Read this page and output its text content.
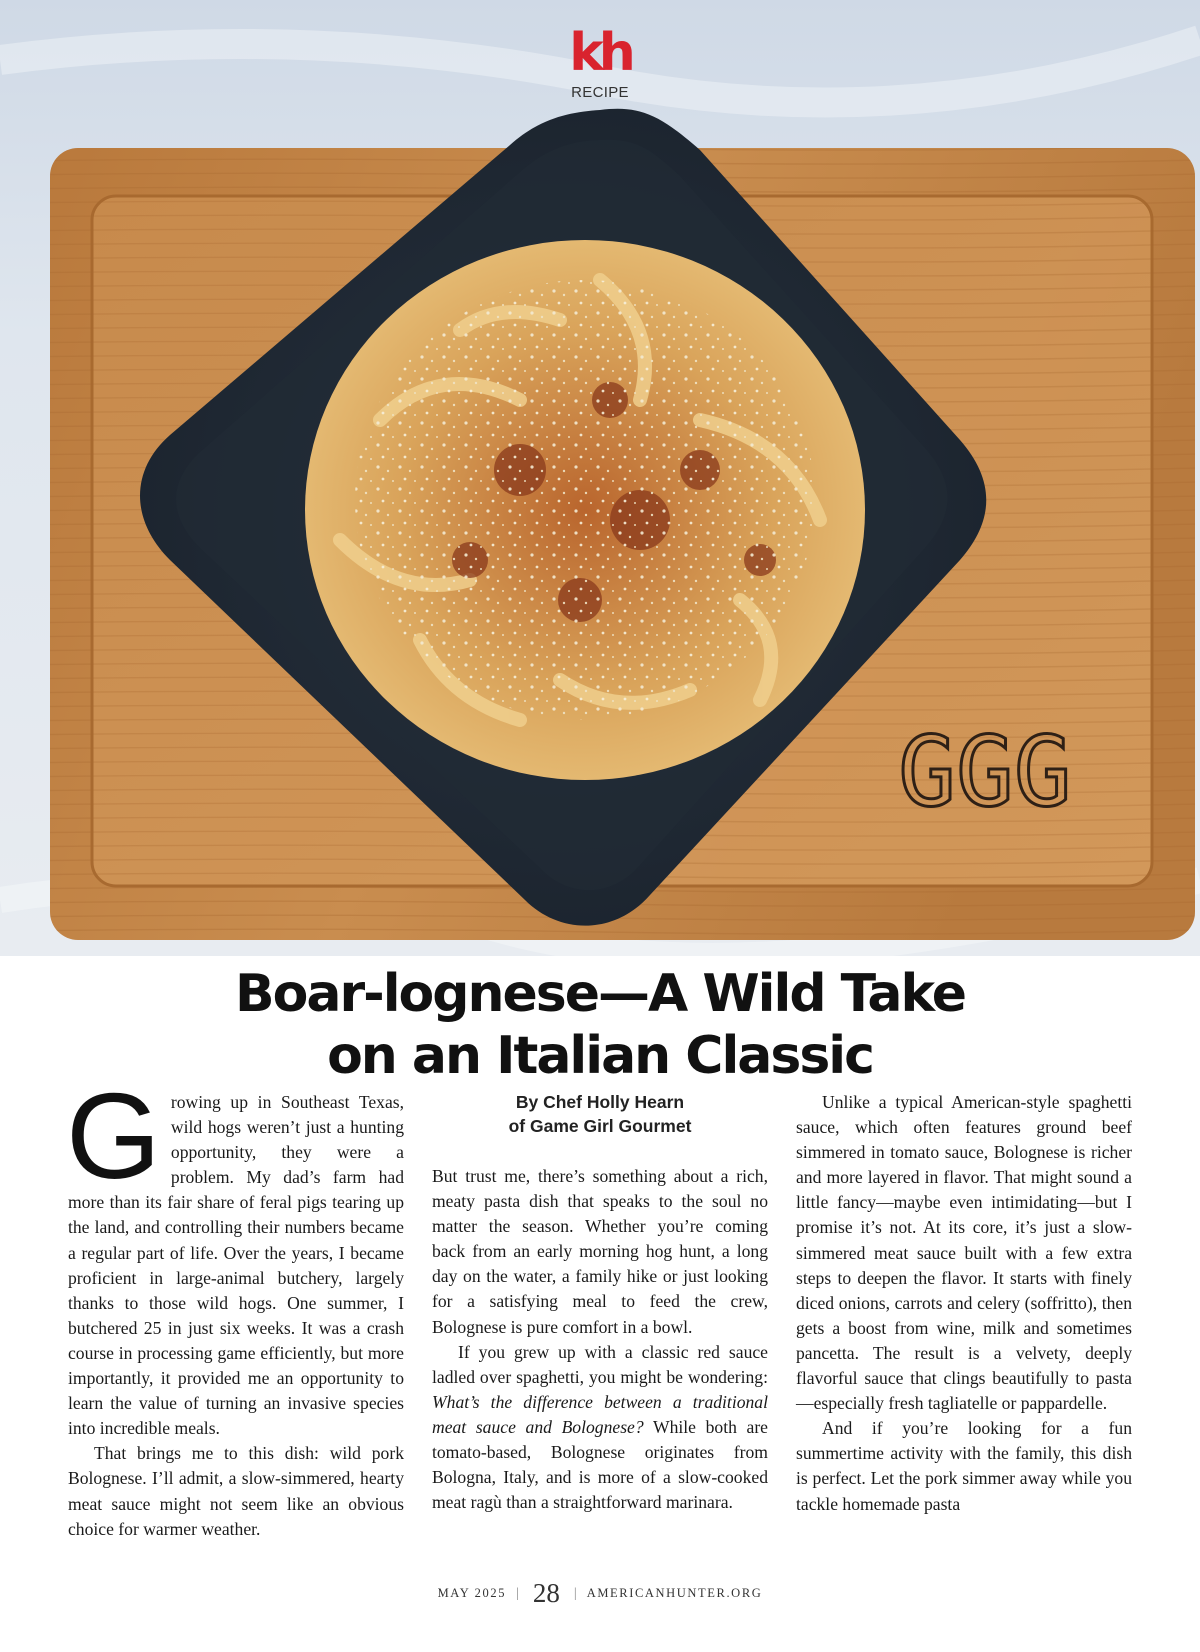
GGG
kh
RECIPE
Boar-lognese—A Wild Take
on an Italian Classic

Growing up in Southeast Texas, wild hogs weren’t just a hunting opportunity, they were a problem. My dad’s farm had more than its fair share of feral pigs tearing up the land, and controlling their numbers became a regular part of life. Over the years, I became proficient in large-animal butchery, largely thanks to those wild hogs. One summer, I butchered 25 in just six weeks. It was a crash course in processing game efficiently, but more importantly, it provided me an opportunity to learn the value of turning an invasive species into incredible meals.

That brings me to this dish: wild pork Bolognese. I’ll admit, a slow-simmered, hearty meat sauce might not seem like an obvious choice for warmer weather.

By Chef Holly Hearn
of Game Girl Gourmet

But trust me, there’s something about a rich, meaty pasta dish that speaks to the soul no matter the season. Whether you’re coming back from an early morning hog hunt, a long day on the water, a family hike or just looking for a satisfying meal to feed the crew, Bolognese is pure comfort in a bowl.

If you grew up with a classic red sauce ladled over spaghetti, you might be wondering: What’s the difference between a traditional meat sauce and Bolognese? While both are tomato-based, Bolognese originates from Bologna, Italy, and is more of a slow-cooked meat ragù than a straightforward marinara.

Unlike a typical American-style spaghetti sauce, which often features ground beef simmered in tomato sauce, Bolognese is richer and more layered in flavor. That might sound a little fancy—maybe even intimidating—but I promise it’s not. At its core, it’s just a slow-simmered meat sauce built with a few extra steps to deepen the flavor. It starts with finely diced onions, carrots and celery (soffritto), then gets a boost from wine, milk and sometimes pancetta. The result is a velvety, deeply flavorful sauce that clings beautifully to pasta—especially fresh tagliatelle or pappardelle.

And if you’re looking for a fun summertime activity with the family, this dish is perfect. Let the pork simmer away while you tackle homemade pasta

MAY 2025 | 28 | AMERICANHUNTER.ORG
